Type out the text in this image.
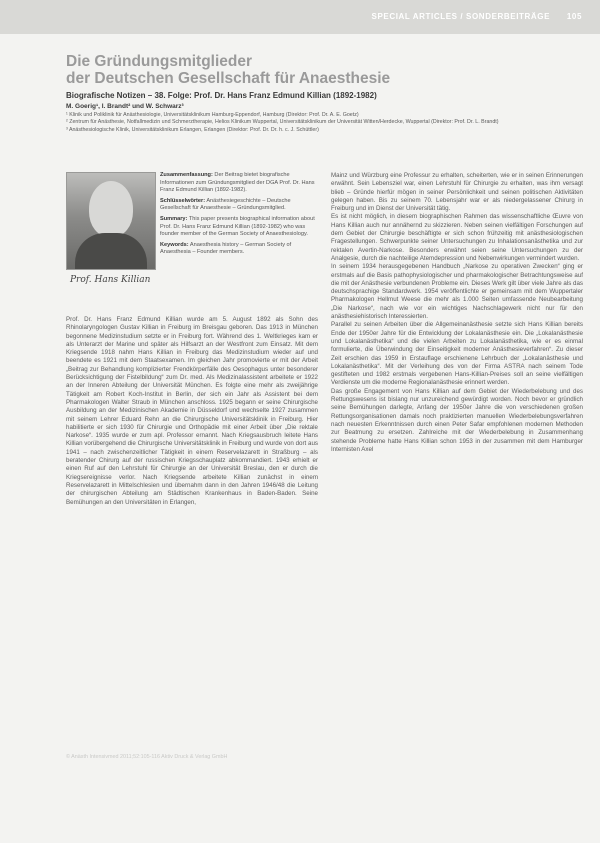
SPECIAL ARTICLES / SONDERBEITRÄGE 105
Die Gründungsmitglieder
der Deutschen Gesellschaft für Anaesthesie
Biografische Notizen – 38. Folge: Prof. Dr. Hans Franz Edmund Killian (1892-1982)
M. Goerig¹, I. Brandt² und W. Schwarz³

¹ Klinik und Poliklinik für Anästhesiologie, Universitätsklinikum Hamburg-Eppendorf, Hamburg (Direktor: Prof. Dr. A. E. Goetz)

² Zentrum für Anästhesie, Notfallmedizin und Schmerztherapie, Helios Klinikum Wuppertal, Universitätsklinikum der Universität Witten/Herdecke, Wuppertal (Direktor: Prof. Dr. L. Brandt)

³ Anästhesiologische Klinik, Universitätsklinikum Erlangen, Erlangen (Direktor: Prof. Dr. Dr. h. c. J. Schüttler)

Prof. Hans Killian

Zusammenfassung: Der Beitrag bietet biografische Informationen zum Gründungsmitglied der DGA Prof. Dr. Hans Franz Edmund Killian (1892-1982).

Schlüsselwörter: Anästhesiegeschichte – Deutsche Gesellschaft für Anaesthesie – Gründungsmitglied.

Summary: This paper presents biographical information about Prof. Dr. Hans Franz Edmund Killian (1892-1982) who was founder member of the German Society of Anaesthesiology.

Keywords: Anaesthesia history – German Society of Anaesthesia – Founder members.

Prof. Dr. Hans Franz Edmund Killian wurde am 5. August 1892 als Sohn des Rhinolaryngologen Gustav Killian in Freiburg im Breisgau geboren. Das 1913 in München begonnene Medizinstudium setzte er in Freiburg fort. Während des 1. Weltkrieges kam er als Unterarzt der Marine und später als Hilfsarzt an der Westfront zum Einsatz. Mit dem Kriegsende 1918 nahm Hans Killian in Freiburg das Medizinstudium wieder auf und beendete es 1921 mit dem Staatsexamen. Im gleichen Jahr promovierte er mit der Arbeit „Beitrag zur Behandlung komplizierter Frendkörperfälle des Oesophagus unter besonderer Berücksichtigung der Fistelbildung“ zum Dr. med. Als Medizinalassistent arbeitete er 1922 an der Inneren Abteilung der Universität München. Es folgte eine mehr als zweijährige Tätigkeit am Robert Koch-Institut in Berlin, der sich ein Jahr als Assistent bei dem Pharmakologen Walter Straub in München anschloss. 1925 begann er seine Chirurgische Ausbildung an der Medizinischen Akademie in Düsseldorf und wechselte 1927 zusammen mit seinem Lehrer Eduard Rehn an die Chirurgische Universitätsklinik in Freiburg. Hier habilitierte er sich 1930 für Chirurgie und Orthopädie mit einer Arbeit über „Die rektale Narkose“. 1935 wurde er zum apl. Professor ernannt. Nach Kriegsausbruch leitete Hans Killian vorübergehend die Chirurgische Universitätsklinik in Freiburg und wurde von dort aus 1941 – nach zwischenzeitlicher Tätigkeit in einem Reservelazarett in Straßburg – als beratender Chirurg auf der russischen Kriegsschauplatz abkommandiert. 1943 erhielt er einen Ruf auf den Lehrstuhl für Chirurgie an der Universität Breslau, den er durch die Kriegsereignisse verlor. Nach Kriegsende arbeitete Killian zunächst in einem Reservelazarett in Mittelschlesien und übernahm dann in den Jahren 1946/48 die Leitung der chirurgischen Abteilung am Städtischen Krankenhaus in Baden-Baden. Seine Bemühungen an den Universitäten in Erlangen,

Mainz und Würzburg eine Professur zu erhalten, scheiterten, wie er in seinen Erinnerungen erwähnt. Sein Lebensziel war, einen Lehrstuhl für Chirurgie zu erhalten, was ihm versagt blieb – Gründe hierfür mögen in seiner Persönlichkeit und seinen politischen Aktivitäten gelegen haben. Bis zu seinem 70. Lebensjahr war er als niedergelassener Chirurg in Freiburg und im Dienst der Universität tätig.

Es ist nicht möglich, in diesem biographischen Rahmen das wissenschaftliche Œuvre von Hans Killian auch nur annähernd zu skizzieren. Neben seinen vielfältigen Forschungen auf dem Gebiet der Chirurgie beschäftigte er sich schon frühzeitig mit anästhesiologischen Fragestellungen. Schwerpunkte seiner Untersuchungen zu Inhalationsanästhetika und zur rektalen Avertin-Narkose. Besonders erwähnt seien seine Untersuchungen zu der Analgesie, durch die nachteilige Atemdepression und Nebenwirkungen vermindert wurden.

In seinem 1934 herausgegebenen Handbuch „Narkose zu operativen Zwecken“ ging er erstmals auf die Basis pathophysiologischer und pharmakologischer Betrachtungsweise auf die mit der Anästhesie verbundenen Probleme ein. Dieses Werk gilt über viele Jahre als das deutschsprachige Standardwerk. 1954 veröffentlichte er gemeinsam mit dem Wuppertaler Pharmakologen Hellmut Weese die mehr als 1.000 Seiten umfassende Neubearbeitung „Die Narkose“, nach wie vor ein wichtiges Nachschlagewerk nicht nur für den anästhesiehistorisch Interessierten.

Parallel zu seinen Arbeiten über die Allgemeinanästhesie setzte sich Hans Killian bereits Ende der 1950er Jahre für die Entwicklung der Lokalanästhesie ein. Die „Lokalanästhesie und Lokalanästhetika“ und die vielen Arbeiten zu Lokalanästhetika, wie er es einmal formulierte, die Überwindung der Einseitigkeit moderner Anästhesieverfahren“. Zu dieser Zeit erschien das 1959 in Erstauflage erschienene Lehrbuch der „Lokalanästhesie und Lokalanästhetika“. Mit der Verleihung des von der Firma ASTRA nach seinem Tode gestifteten und 1982 erstmals vergebenen Hans-Killian-Preises soll an seine vielfältigen Verdienste um die moderne Regionalanästhesie erinnert werden.

Das große Engagement von Hans Killian auf dem Gebiet der Wiederbelebung und des Rettungswesens ist bislang nur unzureichend gewürdigt worden. Noch bevor er gründlich seine Bemühungen darlegte, Anfang der 1950er Jahre die von verschiedenen großen Rettungsorganisationen damals noch praktizierten manuellen Wiederbelebungsverfahren nach neuesten Erkenntnissen durch einen Peter Safar empfohlenen modernen Methoden zur Beatmung zu ersetzen. Zahlreiche mit der Wiederbelebung in Zusammenhang stehende Probleme hatte Hans Killian schon 1953 in der zusammen mit dem Hamburger Internisten Axel

© Anästh Intensivmed 2011;52:105-116 Aktiv Druck & Verlag GmbH
